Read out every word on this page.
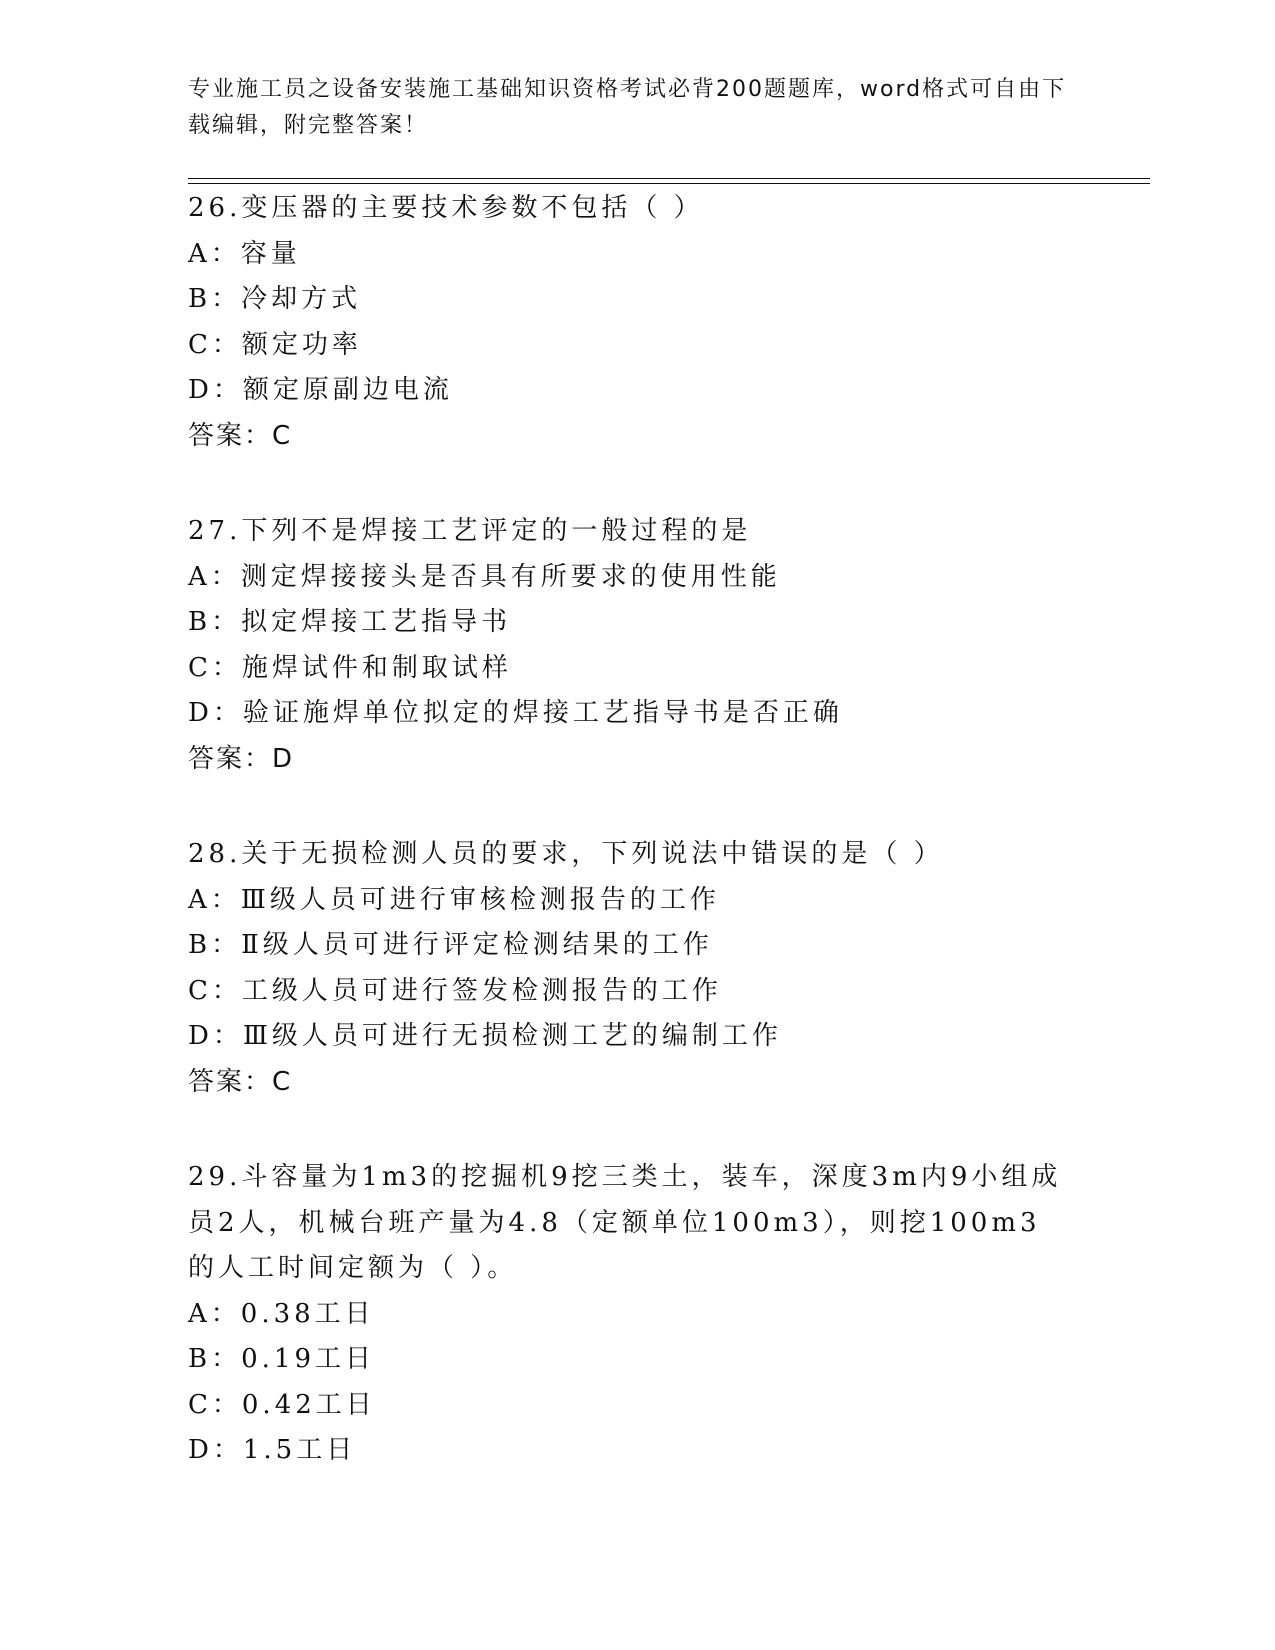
专业施工员之设备安装施工基础知识资格考试必背200题题库，word格式可自由下载编辑，附完整答案！
26.变压器的主要技术参数不包括（ ）
A：容量
B：冷却方式
C：额定功率
D：额定原副边电流
答案：C
27.下列不是焊接工艺评定的一般过程的是
A：测定焊接接头是否具有所要求的使用性能
B：拟定焊接工艺指导书
C：施焊试件和制取试样
D：验证施焊单位拟定的焊接工艺指导书是否正确
答案：D
28.关于无损检测人员的要求，下列说法中错误的是（ ）
A：Ⅲ级人员可进行审核检测报告的工作
B：Ⅱ级人员可进行评定检测结果的工作
C：工级人员可进行签发检测报告的工作
D：Ⅲ级人员可进行无损检测工艺的编制工作
答案：C
29.斗容量为1m3的挖掘机9挖三类土，装车，深度3m内9小组成员2人，机械台班产量为4.8（定额单位100m3），则挖100m3的人工时间定额为（ ）。
A：0.38工日
B：0.19工日
C：0.42工日
D：1.5工日
